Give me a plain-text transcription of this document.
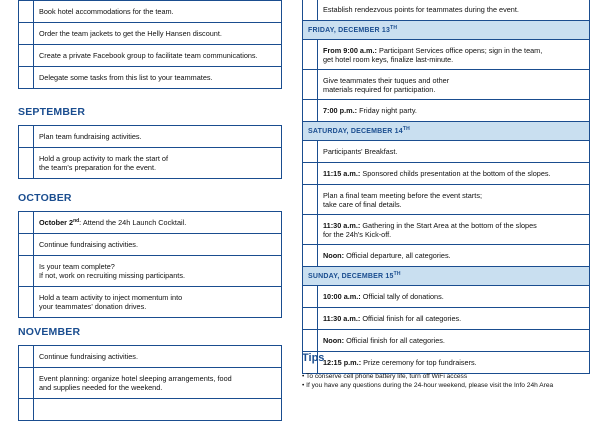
	Book hotel accommodations for the team.
	Order the team jackets to get the Helly Hansen discount.
	Create a private Facebook group to facilitate team communications.
	Delegate some tasks from this list to your teammates.
SEPTEMBER
	Plan team fundraising activities.
	Hold a group activity to mark the start of
the team's preparation for the event.
OCTOBER
	October 2nd: Attend the 24h Launch Cocktail.
	Continue fundraising activities.
	Is your team complete?
If not, work on recruiting missing participants.
	Hold a team activity to inject momentum into
your teammates' donation drives.
NOVEMBER
	Continue fundraising activities.
	Event planning: organize hotel sleeping arrangements, food
and supplies needed for the weekend.

	Establish rendezvous points for teammates during the event.
FRIDAY, DECEMBER 13TH
	From 9:00 a.m.: Participant Services office opens; sign in the team,
get hotel room keys, finalize last-minute.
	Give teammates their tuques and other
materials required for participation.
	7:00 p.m.: Friday night party.
SATURDAY, DECEMBER 14TH
	Participants' Breakfast.
	11:15 a.m.: Sponsored childs presentation at the bottom of the slopes.
	Plan a final team meeting before the event starts;
take care of final details.
	11:30 a.m.: Gathering in the Start Area at the bottom of the slopes
for the 24h's Kick-off.
	Noon: Official departure, all categories.
SUNDAY, DECEMBER 15TH
	10:00 a.m.: Official tally of donations.
	11:30 a.m.: Official finish for all categories.
	Noon: Official finish for all categories.
	12:15 p.m.: Prize ceremony for top fundraisers.
Tips
• To conserve cell phone battery life, turn off WiFi access
• If you have any questions during the 24-hour weekend, please visit the Info 24h Area
